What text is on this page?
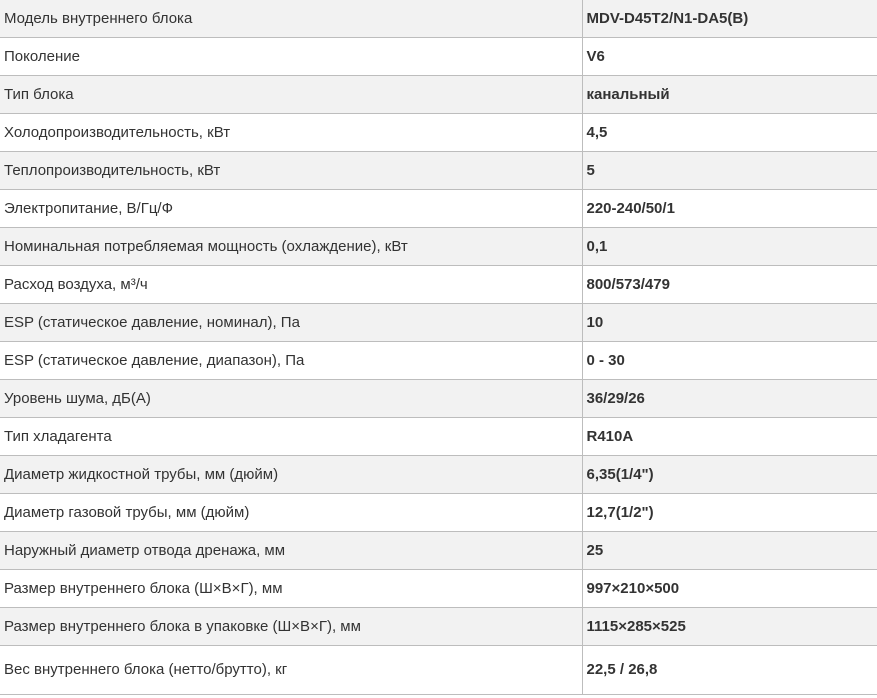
Модель внутреннего блока	MDV-D45T2/N1-DA5(B)
Поколение	V6
Тип блока	канальный
Холодопроизводительность, кВт	4,5
Теплопроизводительность, кВт	5
Электропитание, В/Гц/Ф	220-240/50/1
Номинальная потребляемая мощность (охлаждение), кВт	0,1
Расход воздуха, м³/ч	800/573/479
ESP (статическое давление, номинал), Па	10
ESP (статическое давление, диапазон), Па	0 - 30
Уровень шума, дБ(А)	36/29/26
Тип хладагента	R410A
Диаметр жидкостной трубы, мм (дюйм)	6,35(1/4")
Диаметр газовой трубы, мм (дюйм)	12,7(1/2")
Наружный диаметр отвода дренажа, мм	25
Размер внутреннего блока (Ш×В×Г), мм	997×210×500
Размер внутреннего блока в упаковке (Ш×В×Г), мм	1115×285×525
Вес внутреннего блока (нетто/брутто), кг	22,5 / 26,8
